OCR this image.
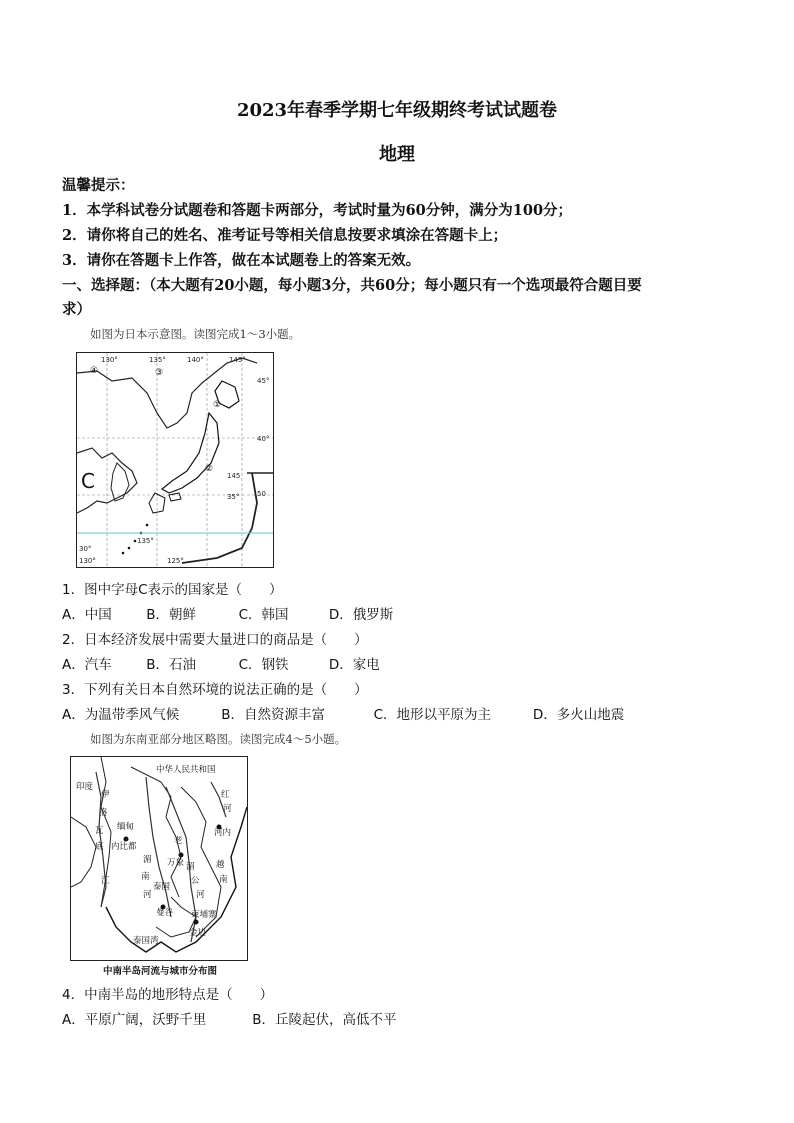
2023年春季学期七年级期终考试试题卷
地理
温馨提示：
1．本学科试卷分试题卷和答题卡两部分，考试时量为60分钟，满分为100分；
2．请你将自己的姓名、准考证号等相关信息按要求填涂在答题卡上；
3．请你在答题卡上作答，做在本试题卷上的答案无效。
一、选择题：（本大题有20小题，每小题3分，共60分；每小题只有一个选项最符合题目要
求）
如图为日本示意图。读图完成1～3小题。
130°	135°	140°	145°
45°
40°
145
35°	50
30°
135°
130°	125°
④	③
①
②
C
1．图中字母C表示的国家是（　　）
A．中国	B．朝鲜	C．韩国	D．俄罗斯
2．日本经济发展中需要大量进口的商品是（　　）
A．汽车	B．石油	C．钢铁	D．家电
3．下列有关日本自然环境的说法正确的是（　　）
A．为温带季风气候	B．自然资源丰富	C．地形以平原为主	D．多火山地震
如图为东南亚部分地区略图。读图完成4～5小题。
中华人民共和国
印度
伊
洛
瓦
底
江
缅甸
内比都
湄
老
万象 湄
公
河
泰国
曼谷 柬埔寨
金边
泰国湾
红
河
河内
越
南
南
河
中南半岛河流与城市分布图
4．中南半岛的地形特点是（　　）
A．平原广阔，沃野千里	B．丘陵起伏，高低不平
